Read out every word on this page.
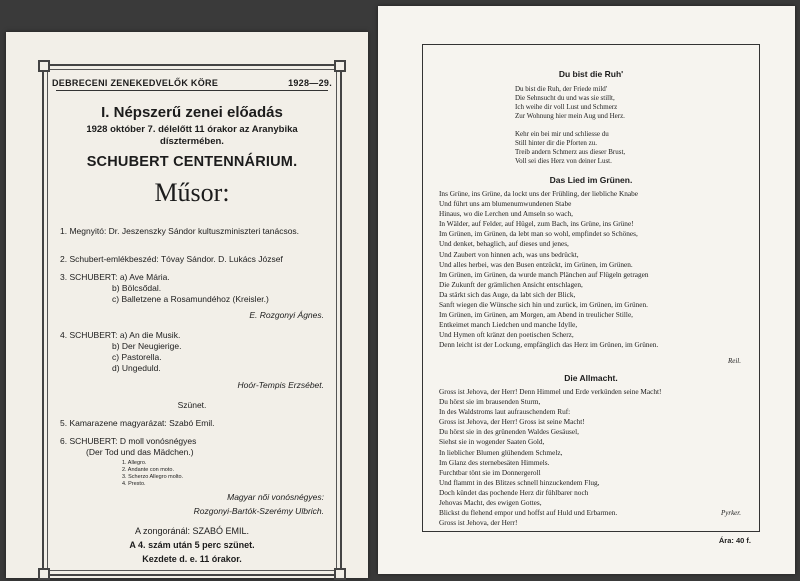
DEBRECENI ZENEKEDVELŐK KÖRE	1928—29.
I. Népszerű zenei előadás
1928 október 7. délelőtt 11 órakor az Aranybika dísztermében.
SCHUBERT CENTENNÁRIUM.
Műsor:
1. Megnyitó: Dr. Jeszenszky Sándor kultuszminiszteri tanácsos.
2. Schubert-emlékbeszéd: Tóvay Sándor. D. Lukács József
3. SCHUBERT: a) Ave Mária.
b) Bölcsődal.
c) Balletzene a Rosamundéhoz (Kreisler.)
E. Rozgonyi Ágnes.
4. SCHUBERT: a) An die Musik.
b) Der Neugierige.
c) Pastorella.
d) Ungeduld.
Hoór-Tempis Erzsébet.
Szünet.
5. Kamarazene magyarázat: Szabó Emil.
6. SCHUBERT: D moll vonósnégyes
(Der Tod und das Mädchen.)
1. Allegro.
2. Andante con moto.
3. Scherzo Allegro molto.
4. Presto.
Magyar női vonósnégyes:
Rozgonyi-Bartók-Szerémy Ulbrich.
A zongoránál: SZABÓ EMIL.
A 4. szám után 5 perc szünet.
Kezdete d. e. 11 órakor.
Du bist die Ruh'
Du bist die Ruh, der Friede mild'
Die Sehnsucht du und was sie stillt,
Ich weihe dir voll Lust und Schmerz
Zur Wohnung hier mein Aug und Herz.

Kehr ein bei mir und schliesse du
Still hinter dir die Pforten zu.
Treib andern Schmerz aus dieser Brust,
Voll sei dies Herz von deiner Lust.
Das Lied im Grünen.
Ins Grüne, ins Grüne, da lockt uns der Frühling, der liebliche Knabe
Und führt uns am blumenumwundenen Stabe
Hinaus, wo die Lerchen und Amseln so wach,
In Wälder, auf Felder, auf Hügel, zum Bach, ins Grüne, ins Grüne!
Im Grünen, im Grünen, da lebt man so wohl, empfindet so Schönes,
Und denket, behaglich, auf dieses und jenes,
Und Zaubert von hinnen ach, was uns bedrückt,
Und alles herbei, was den Busen entzückt, im Grünen, im Grünen.
Im Grünen, im Grünen, da wurde manch Plänchen auf Flügeln getragen
Die Zukunft der grämlichen Ansicht entschlagen,
Da stärkt sich das Auge, da labt sich der Blick,
Sanft wiegen die Wünsche sich hin und zurück, im Grünen, im Grünen.
Im Grünen, im Grünen, am Morgen, am Abend in treulicher Stille,
Entkeimet manch Liedchen und manche Idylle,
Und Hymen oft kränzt den poetischen Scherz,
Denn leicht ist der Lockung, empfänglich das Herz im Grünen, im Grünen.
Reil.
Die Allmacht.
Gross ist Jehova, der Herr! Denn Himmel und Erde verkünden seine Macht!
Du hörst sie im brausenden Sturm,
In des Waldstroms laut aufrauschendem Ruf:
Gross ist Jehova, der Herr! Gross ist seine Macht!
Du hörst sie in des grünenden Waldes Gesäusel,
Siehst sie in wogender Saaten Gold,
In lieblicher Blumen glühendem Schmelz,
Im Glanz des sternebesäten Himmels.
Furchtbar tönt sie im Donnergeroll
Und flammt in des Blitzes schnell hinzuckendem Flug,
Doch kündet das pochende Herz dir fühlbarer noch
Jehovas Macht, des ewigen Gottes,
Blickst du flehend empor und hoffst auf Huld und Erbarmen.
Gross ist Jehova, der Herr!
Pyrker.
Ára: 40 f.
